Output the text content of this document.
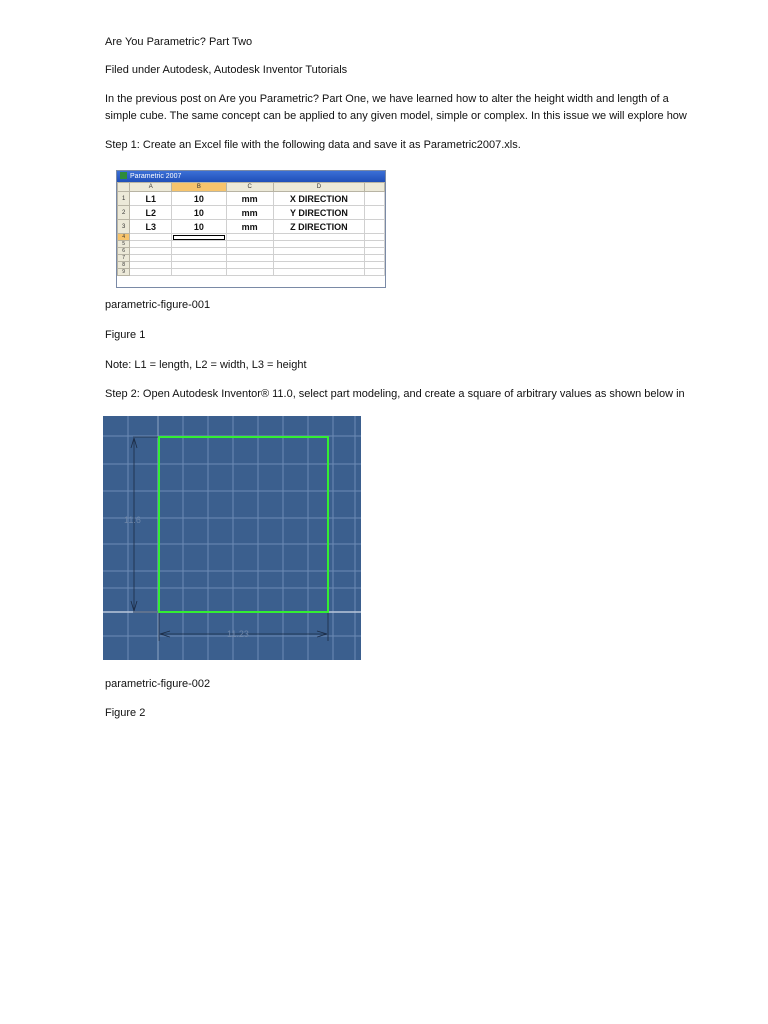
Are You Parametric? Part Two
Filed under Autodesk, Autodesk Inventor Tutorials
In the previous post on Are you Parametric? Part One, we have learned how to alter the height width and length of a
simple cube. The same concept can be applied to any given model, simple or complex. In this issue we will explore how
Step 1: Create an Excel file with the following data and save it as Parametric2007.xls.
Parametric 2007
	A	B	C	D	
1	L1	10	mm	X DIRECTION	
2	L2	10	mm	Y DIRECTION	
3	L3	10	mm	Z DIRECTION	
4					
5					
6					
7					
8					
9					
parametric-figure-001
Figure 1
Note: L1 = length, L2 = width, L3 = height
Step 2: Open Autodesk Inventor® 11.0, select part modeling, and create a square of arbitrary values as shown below in
11.6
11.23
parametric-figure-002
Figure 2
